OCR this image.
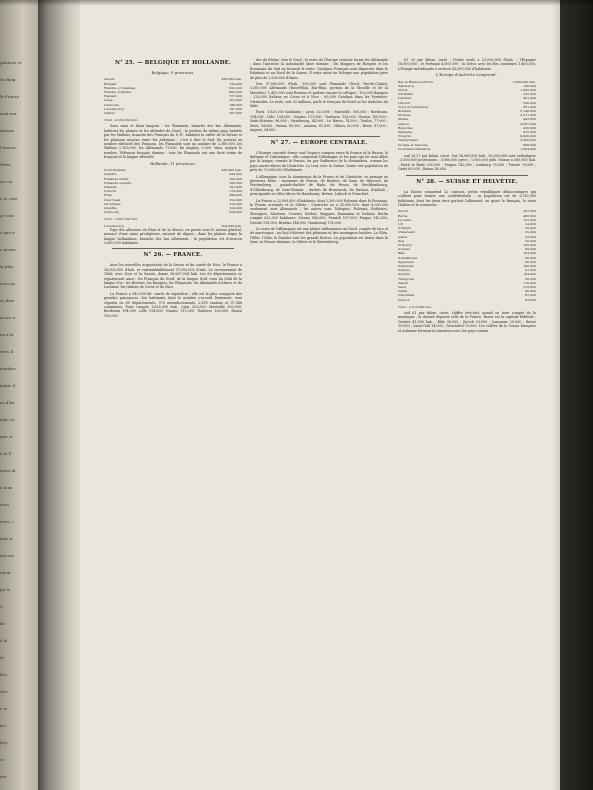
platines et
en Belg
le Franço
sont enr
tations
l'instruc
Paris.
ne n'a
e la com
pt sont
s que n
a pense
la plus
eurs qu
es dive
ncore u
en à la
tiers d
nombre
hants d
us d'ha
ndie ce
que, e
n la F
ment di
e dom
uses
eurs, c
ntés n
me ses
ution
pu lo
5.
lie
à la
té
ilse
dits
s m
les
dep
cr
ent
N° 25. — BELGIQUE ET HOLLANDE.
Belgique, 9 provinces.
Anvers	435,000 hab.
Brabant	734,000
Flandre occidentale	641,000
Flandre orientale	800,000
Hainaut	727,000
Liége	501,000
Limbourg	198,000
Luxembourg	197,000
Namur	287,000
Total : 4,530,000 hab.

Sous vaux et deux langues : les Flamands, branche des bas Allemands, habitent les plaines et les altitudes du Nord ; la portion du même pays habitée par les Wallons, branche des Français du S.-E., habitent la vallée de la Meuse et les plateaux moyens entre les Ardennes ; c'est à dire le Sud. En portant au nombre distincts des Français, les Flamands sont au nombre de 2,360,000, les Wallons 2,100,000, les Allemands 71,000. En Anglais, 3,000. Mais, malgré le nombre, l'élément français domine : tous les Flamands ont une forte teinte de français et la langue officielle.

Hollande, 11 provinces.
Nord-Brabant	436,000 hab.
Gueldre	444,000
Hollande mérid.	704,000
Hollande septent.	588,000
Zélande	181,000
Utrecht	174,000
Frise	299,000
Over-Yssel	254,000
Groningue	219,000
Drenthe	104,000
Limbourg	224,000
Total : 3,627,000 hab.
Luxembourg	204,000 hab.

Pays des alluvions du Rhin et de la Meuse, en partie sous le niveau général, menacé d'une ruine prodigieuse, entouré de digues ; dans les plaines règne la langue hollandaise, branche des bas allemands : la population est d'environ 3,600,000 habitants.

N° 26. — FRANCE.

Avec les nouvelles acquisitions de la Savoie et du comté de Nice, la France a 38,000,000 d'hab. et vraisemblablement 37,000,000 d'hab. Le recensement de 1866, avec Nice et la Savoie, donne 38,067,094 hab. Les 89 départements se répartissent ainsi : les Français du Nord, de la langue d'oïl, ceux du Midi de la langue d'oc, les Bretons, les Basques, les Flamands, les Allemands d'Alsace et de Lorraine, les Italiens de Corse et de Nice.

La France a 542,000 kil. carrés de superficie ; elle est la plus compacte des grandes puissances. Ses habitants, dont le nombre s'accroît lentement, sont répartis en 89 départements, 373 arrondissements, 2,938 cantons et 37,548 communes. Paris compte 1,825,000 hab., Lyon 323,000, Marseille 300,000, Bordeaux 194,000, Lille 154,000, Nantes 111,000, Toulouse 126,000, Rouen 100,000.

des du Rhône, vers le Nord ; le reste de l'Europe centrale forme les Allemands ; dans l'Autriche la nationalité slave domine ; les Magyars de Hongrie et les Roumains du Sud en forment le reste. Quelques Français sont dispersés dans le Palatinat et au Nord de la Suisse. Il reste aussi en Pologne une population juive de plus de 2,000,000 d'âmes.

Des 37,000,000 d'hab., 300,000 sont Flamands (Nord, Pas-de-Calais), 1,300,000 Allemands (Haut-Rhin, Bas-Rhin, portion de la Moselle et de la Meurthe), 1,450,000 sont Bretons et parlent encore le celtique ; 150,000 Basques ; 220,000 Italiens en Corse et à Nice ; 60,000 Catalans dans les Pyrénées-Orientales. Le reste, soit 33 millions, parle le français du Nord ou les dialectes du Midi.

Paris, 1,825,000 habitants ; Lyon, 323,000 ; Marseille, 300,000 ; Bordeaux, 194,000 ; Lille, 154,000 ; Nantes, 111,000 ; Toulouse, 126,000 ; Rouen, 100,000 ; Saint-Étienne, 96,000 ; Strasbourg, 84,000 ; Le Havre, 74,000 ; Toulon, 77,000 ; Metz, 54,000 ; Reims, 60,000 ; Amiens, 61,000 ; Nîmes, 60,000 ; Brest, 67,000 ; Angers, 54,000.

N° 27. — EUROPE CENTRALE.

L'Europe centrale forme tout l'espace compris entre la France et la Russie, la Baltique et l'Adriatique ; elle comprend l'Allemagne et les pays qui lui sont alliés par la langue, comme la Prusse, ou par l'influence de la domination, comme les pays austro-slaves de l'Autriche. Le tout, avec la Suisse, forme une population de près de 70,000,000 d'habitants.

L'Allemagne, sous la domination de la Prusse et de l'Autriche, se partage en plusieurs États : royaumes de Prusse, de Bavière, de Saxe, de Hanovre, de Wurtemberg ; grands-duchés de Bade, de Hesse, de Mecklembourg, d'Oldenbourg, de Saxe-Weimar ; duchés de Brunswick, de Nassau, d'Anhalt ; principautés et villes libres de Hambourg, Brême, Lubeck et Francfort.

La Prusse a 22,000,000 d'habitants, dont 2,500,000 Polonais dans la Posnanie, la Prusse orientale et la Silésie ; l'Autriche en a 35,000,000, dont 8,000,000 seulement sont Allemands ; les autres sont Tchèques, Polonais, Ruthènes, Slovaques, Slovènes, Croates, Serbes, Magyars, Roumains et Italiens. Berlin compte 632,000 habitants, Vienne 560,000, Munich 167,000, Prague 142,000, Dresde 128,000, Breslau 146,000, Hambourg 178,000.

Le reste de l'Allemagne est une plaine sablonneuse au Nord, coupée de lacs et de marécages ; au Sud s'élèvent des plateaux et des montagnes boisées. Le Rhin, l'Elbe, l'Oder, le Danube sont les grands fleuves. La population est dense dans la Saxe, la Prusse rhénane, la Silésie et le Wurtemberg.

61 26 par kilom. carré ; l'Italie seule a 21,000,000 d'hab. ; l'Espagne 16,000,000 ; le Portugal 4,000,000 ; la Grèce avec les îles Ioniennes 1,400,000. L'Europe méridionale a environ 43,000,000 d'habitants.

L'Europe d'Autriche comprend :
Bas et Haute-Autriche	1,990,000 hab.
Salzbourg	146,000
Styrie	1,056,000
Carinthie	332,000
Carniole	451,000
Littoral	520,000
Tyrol et Vorarlberg	851,000
Bohême	5,140,000
Moravie	2,017,000
Silésie	443,000
Galicie	4,597,000
Bukovine	456,000
Dalmatie	415,000
Hongrie	9,900,000
Transylvanie	2,000,000
Croatie et Slavonie	868,000
Frontières militaires	1,064,000

sud 26,37 par kilom. carré. Sur 36,000,000 hab., 30,000,000 sont catholiques ; 3,500,000 protestants ; 3,000,000 grecs ; 1,000,000 juifs. Vienne a 560,000 hab. ; Pesth et Bude 200,000 ; Prague 142,000 ; Lemberg 70,000 ; Trieste 70,000 ; Gratz 80,000 ; Brünn 58,000.

N° 28. — SUISSE ET HELVÉTIE.

La Suisse comprend 22 cantons, petits républiques démocratiques qui s'allient pour former une confédération ; sa population est de 2,510,000 habitants, dont les deux tiers parlent l'allemand, un quart le français, le reste l'italien et le romanche.

Zurich	267,000
Berne	468,000
Lucerne	131,000
Uri	14,000
Schwytz	45,000
Unterwald	25,000
Glaris	33,000
Zug	20,000
Fribourg	105,000
Soleure	69,000
Bâle	104,000
Schaffhouse	36,000
Appenzell	60,000
Saint-Gall	180,000
Grisons	91,000
Argovie	194,000
Thurgovie	90,000
Tessin	116,000
Vaud	213,000
Valais	90,000
Neuchâtel	87,000
Genève	83,000
Total : 2,510,000 hab.

sud 61 par kilom. carré, chiffre très-fort, quand on tient compte de la montagne ; la densité dépasse celle de la France. Berne est la capitale fédérale ; Genève 41,000 hab. ; Bâle 38,000 ; Zurich 20,000 ; Lausanne 20,000 ; Berne 29,000 ; Saint-Gall 14,000 ; Neuchâtel 10,000. Les vallées de la Suisse française et italienne forment la transition avec les pays voisins.
